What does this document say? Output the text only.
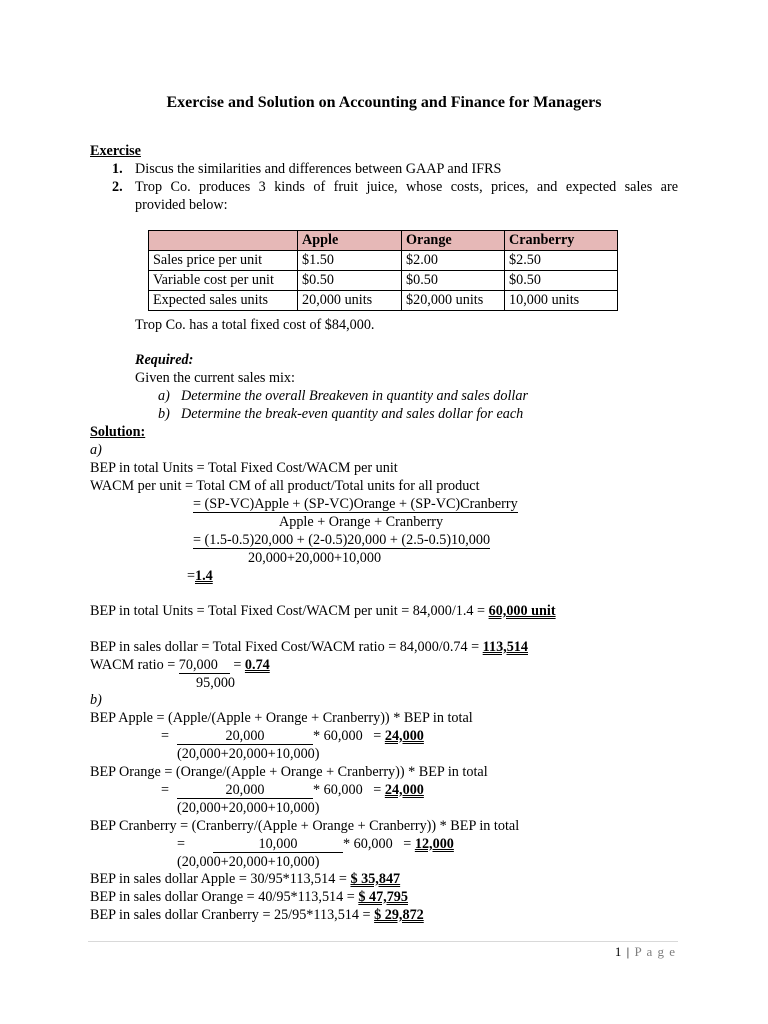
Exercise and Solution on Accounting and Finance for Managers
Exercise
1. Discus the similarities and differences between GAAP and IFRS
2. Trop Co. produces 3 kinds of fruit juice, whose costs, prices, and expected sales are
provided below:
	Apple	Orange	Cranberry
Sales price per unit	$1.50	$2.00	$2.50
Variable cost per unit	$0.50	$0.50	$0.50
Expected sales units	20,000 units	$20,000 units	10,000 units
Trop Co. has a total fixed cost of $84,000.
Required:
Given the current sales mix:
a) Determine the overall Breakeven in quantity and sales dollar
b) Determine the break-even quantity and sales dollar for each
Solution:
a)
BEP in total Units = Total Fixed Cost/WACM per unit
WACM per unit = Total CM of all product/Total units for all product
= (SP-VC)Apple + (SP-VC)Orange + (SP-VC)Cranberry
Apple + Orange + Cranberry
= (1.5-0.5)20,000 + (2-0.5)20,000 + (2.5-0.5)10,000
20,000+20,000+10,000
=1.4
BEP in total Units = Total Fixed Cost/WACM per unit = 84,000/1.4 = 60,000 unit
BEP in sales dollar = Total Fixed Cost/WACM ratio = 84,000/0.74 = 113,514
WACM ratio = 70,000 = 0.74
95,000
b)
BEP Apple = (Apple/(Apple + Orange + Cranberry)) * BEP in total
=	20,000	* 60,000   = 24,000
(20,000+20,000+10,000)
BEP Orange = (Orange/(Apple + Orange + Cranberry)) * BEP in total
=	20,000	* 60,000   = 24,000
(20,000+20,000+10,000)
BEP Cranberry = (Cranberry/(Apple + Orange + Cranberry)) * BEP in total
=	10,000	* 60,000   = 12,000
(20,000+20,000+10,000)
BEP in sales dollar Apple = 30/95*113,514 = $ 35,847
BEP in sales dollar Orange = 40/95*113,514 = $ 47,795
BEP in sales dollar Cranberry = 25/95*113,514 = $ 29,872
1 | P a g e
